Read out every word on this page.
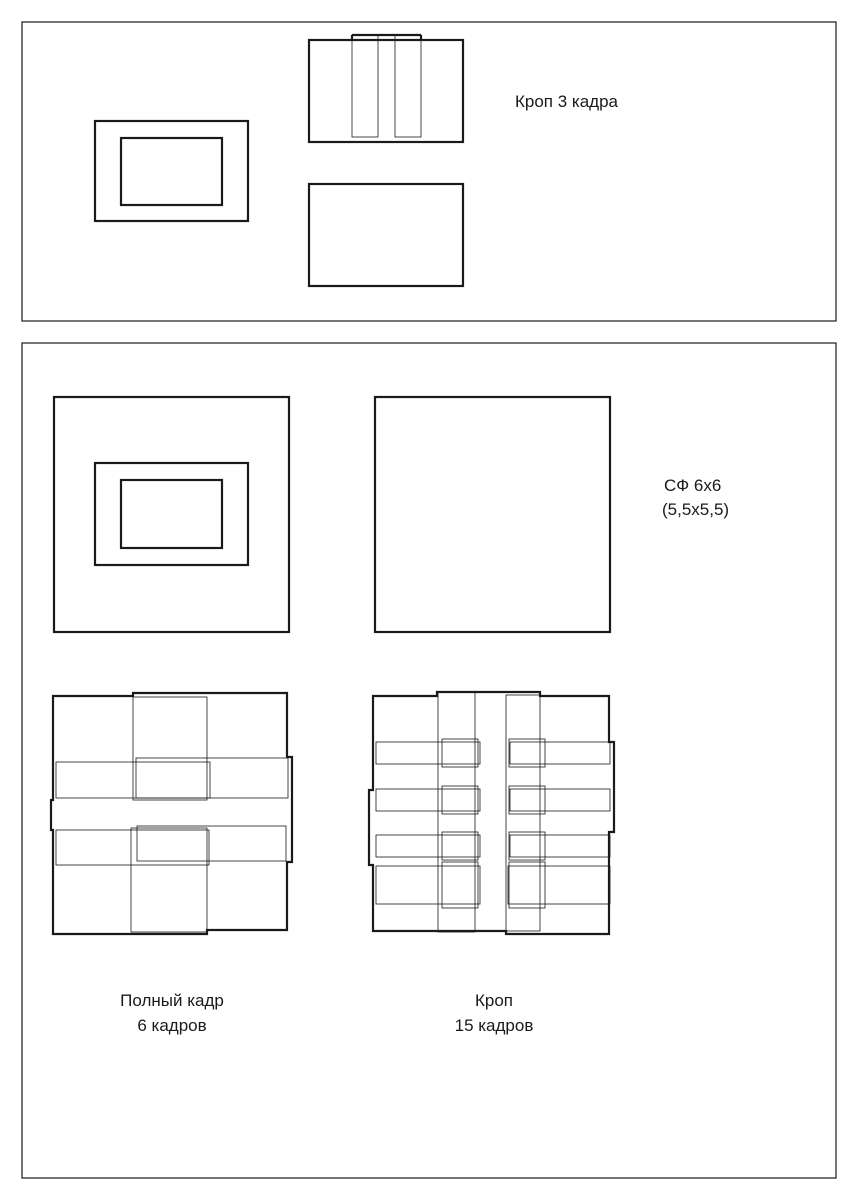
Кроп 3 кадра
СФ 6x6
(5,5x5,5)
Полный кадр
6 кадров
Кроп
15 кадров
